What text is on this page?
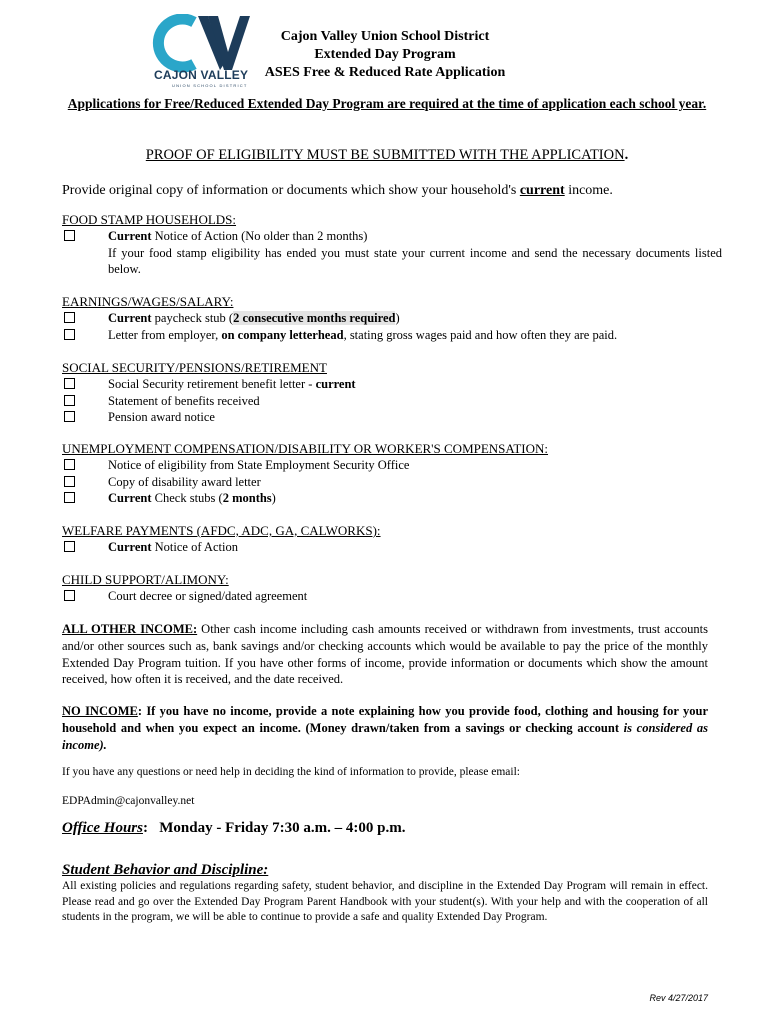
CAJON VALLEY
UNION SCHOOL DISTRICT
Cajon Valley Union School District
Extended Day Program
ASES Free & Reduced Rate Application
Applications for Free/Reduced Extended Day Program are required at the time of application each school year.
PROOF OF ELIGIBILITY MUST BE SUBMITTED WITH THE APPLICATION.
Provide original copy of information or documents which show your household's current income.
FOOD STAMP HOUSEHOLDS:
Current Notice of Action (No older than 2 months)
If your food stamp eligibility has ended you must state your current income and send the necessary documents listed below.
EARNINGS/WAGES/SALARY:
Current paycheck stub (2 consecutive months required)
Letter from employer, on company letterhead, stating gross wages paid and how often they are paid.
SOCIAL SECURITY/PENSIONS/RETIREMENT
Social Security retirement benefit letter - current
Statement of benefits received
Pension award notice
UNEMPLOYMENT COMPENSATION/DISABILITY OR WORKER'S COMPENSATION:
Notice of eligibility from State Employment Security Office
Copy of disability award letter
Current Check stubs (2 months)
WELFARE PAYMENTS (AFDC, ADC, GA, CALWORKS):
Current Notice of Action
CHILD SUPPORT/ALIMONY:
Court decree or signed/dated agreement
ALL OTHER INCOME: Other cash income including cash amounts received or withdrawn from investments, trust accounts and/or other sources such as, bank savings and/or checking accounts which would be available to pay the price of the monthly Extended Day Program tuition. If you have other forms of income, provide information or documents which show the amount received, how often it is received, and the date received.
NO INCOME: If you have no income, provide a note explaining how you provide food, clothing and housing for your household and when you expect an income. (Money drawn/taken from a savings or checking account is considered as income).
If you have any questions or need help in deciding the kind of information to provide, please email:
EDPAdmin@cajonvalley.net
Office Hours: Monday - Friday 7:30 a.m. – 4:00 p.m.
Student Behavior and Discipline:
All existing policies and regulations regarding safety, student behavior, and discipline in the Extended Day Program will remain in effect. Please read and go over the Extended Day Program Parent Handbook with your student(s). With your help and with the cooperation of all students in the program, we will be able to continue to provide a safe and quality Extended Day Program.
Rev 4/27/2017
